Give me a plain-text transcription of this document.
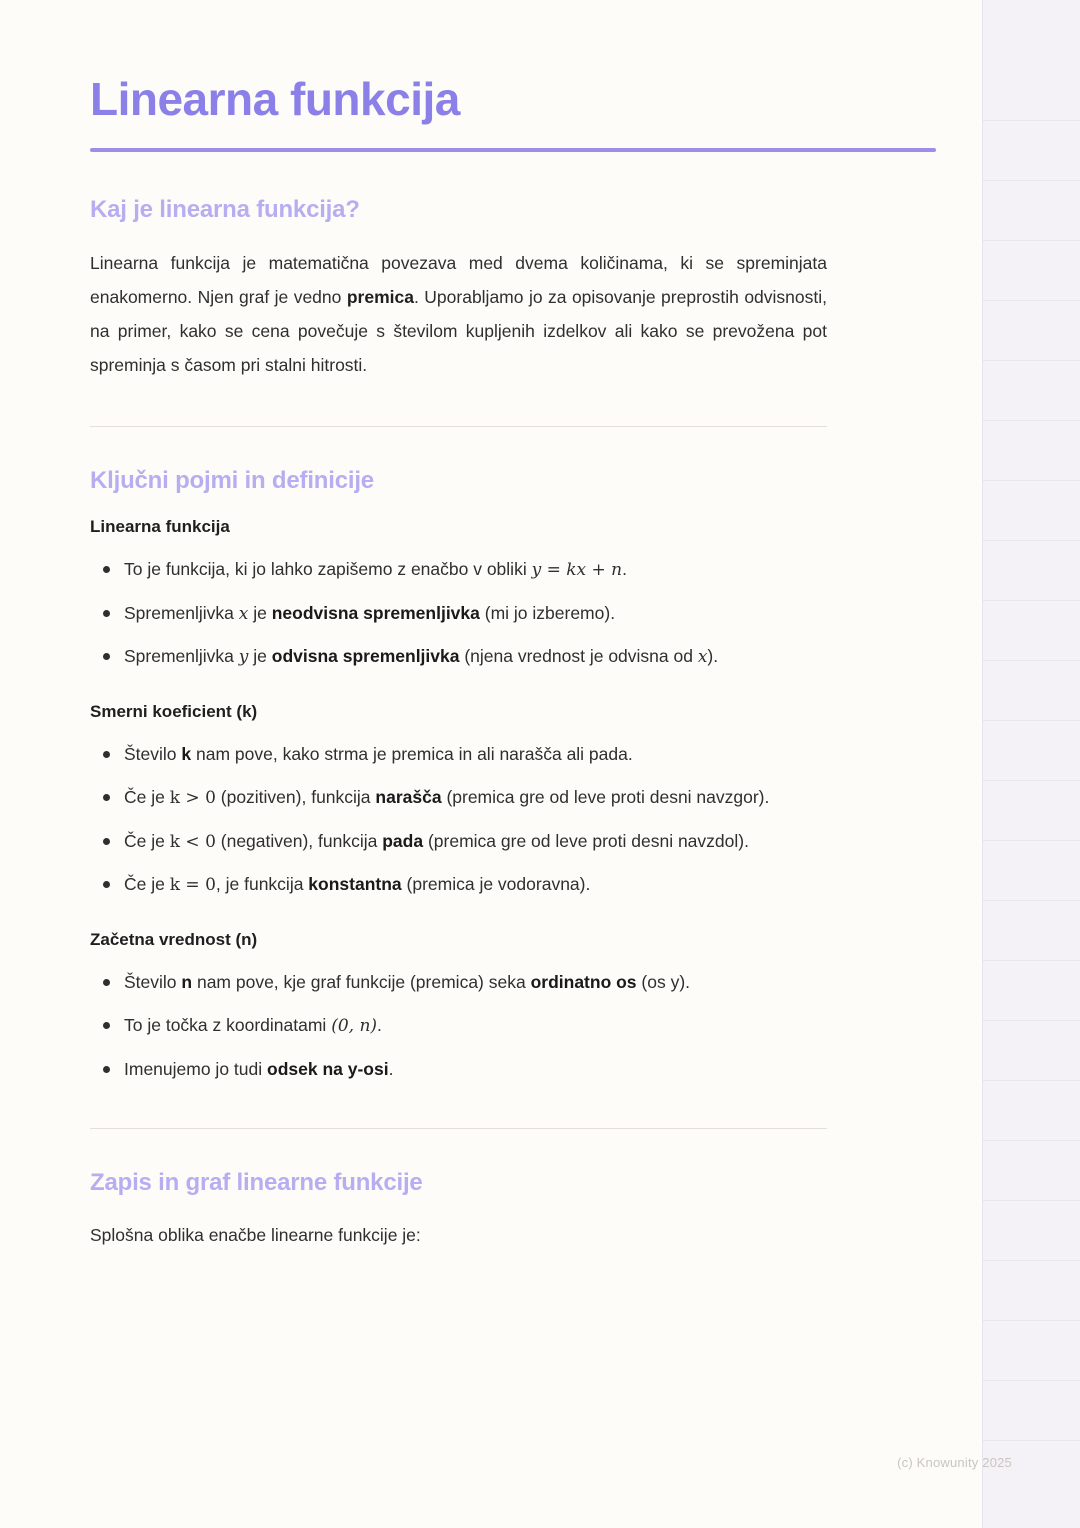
Linearna funkcija
Kaj je linearna funkcija?

Linearna funkcija je matematična povezava med dvema količinama, ki se spreminjata enakomerno. Njen graf je vedno premica. Uporabljamo jo za opisovanje preprostih odvisnosti, na primer, kako se cena povečuje s številom kupljenih izdelkov ali kako se prevožena pot spreminja s časom pri stalni hitrosti.

Ključni pojmi in definicije
Linearna funkcija
To je funkcija, ki jo lahko zapišemo z enačbo v obliki y = kx + n.
Spremenljivka x je neodvisna spremenljivka (mi jo izberemo).
Spremenljivka y je odvisna spremenljivka (njena vrednost je odvisna od x).
Smerni koeficient (k)
Število k nam pove, kako strma je premica in ali narašča ali pada.
Če je k > 0 (pozitiven), funkcija narašča (premica gre od leve proti desni navzgor).
Če je k < 0 (negativen), funkcija pada (premica gre od leve proti desni navzdol).
Če je k = 0, je funkcija konstantna (premica je vodoravna).
Začetna vrednost (n)
Število n nam pove, kje graf funkcije (premica) seka ordinatno os (os y).
To je točka z koordinatami (0, n).
Imenujemo jo tudi odsek na y-osi.
Zapis in graf linearne funkcije

Splošna oblika enačbe linearne funkcije je:

(c) Knowunity 2025
